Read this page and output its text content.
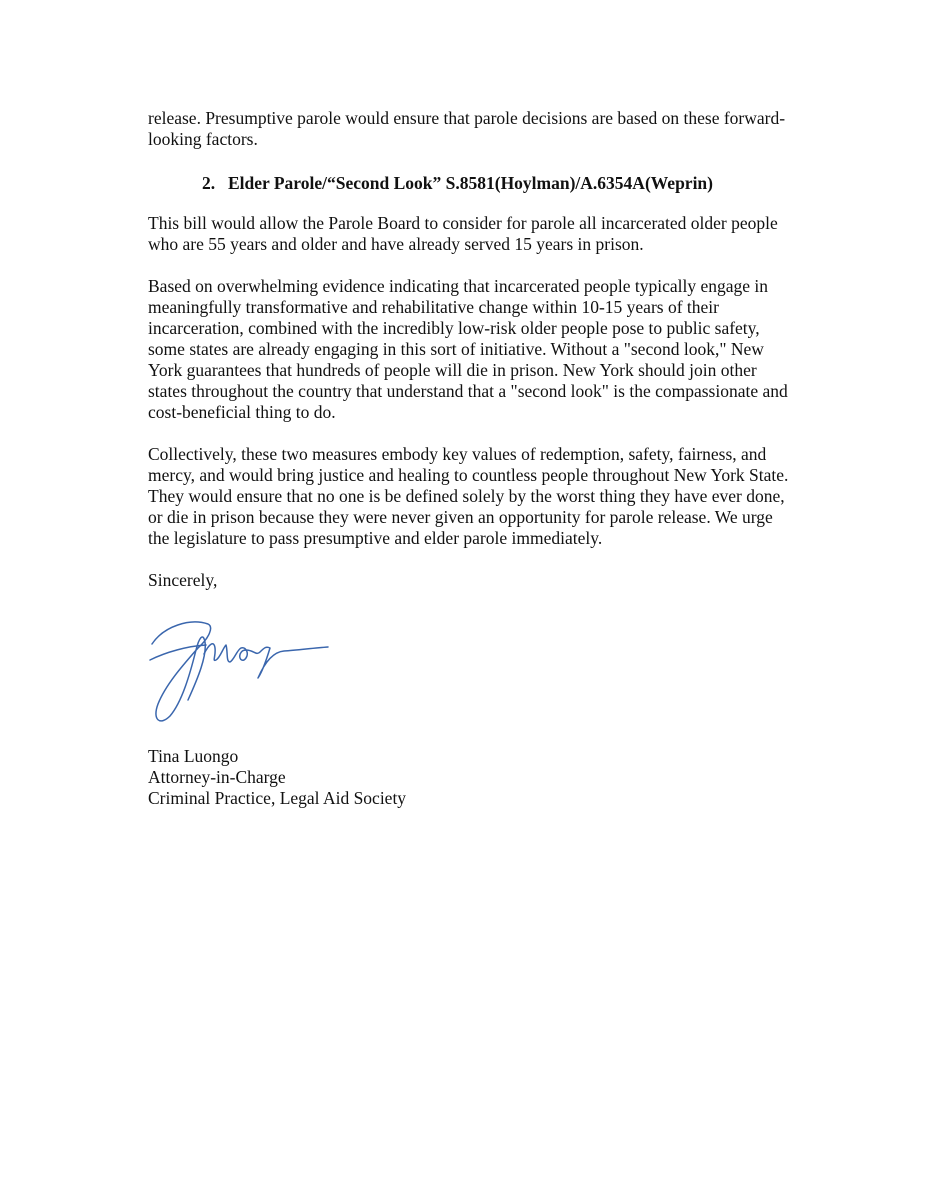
release. Presumptive parole would ensure that parole decisions are based on these forward-
looking factors.
2. Elder Parole/“Second Look” S.8581(Hoylman)/A.6354A(Weprin)
This bill would allow the Parole Board to consider for parole all incarcerated older people
who are 55 years and older and have already served 15 years in prison.
Based on overwhelming evidence indicating that incarcerated people typically engage in
meaningfully transformative and rehabilitative change within 10-15 years of their
incarceration, combined with the incredibly low-risk older people pose to public safety,
some states are already engaging in this sort of initiative. Without a "second look," New
York guarantees that hundreds of people will die in prison. New York should join other
states throughout the country that understand that a "second look" is the compassionate and
cost-beneficial thing to do.
Collectively, these two measures embody key values of redemption, safety, fairness, and
mercy, and would bring justice and healing to countless people throughout New York State.
They would ensure that no one is be defined solely by the worst thing they have ever done,
or die in prison because they were never given an opportunity for parole release. We urge
the legislature to pass presumptive and elder parole immediately.
Sincerely,
Tina Luongo
Attorney-in-Charge
Criminal Practice, Legal Aid Society
